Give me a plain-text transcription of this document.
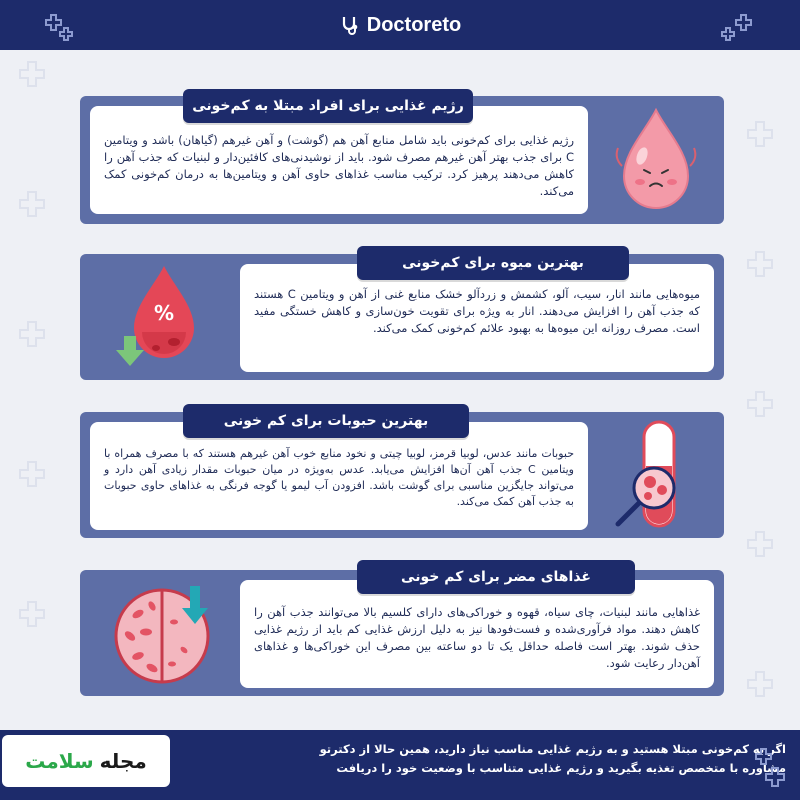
Doctoreto
رژیم غذایی برای کم‌خونی باید شامل منابع آهن هم (گوشت) و آهن غیرهم (گیاهان) باشد و ویتامین C برای جذب بهتر آهن غیرهم مصرف شود. باید از نوشیدنی‌های کافئین‌دار و لبنیات که جذب آهن را کاهش می‌دهند پرهیز کرد. ترکیب مناسب غذاهای حاوی آهن و ویتامین‌ها به درمان کم‌خونی کمک می‌کند.
رژیم غذایی برای افراد مبتلا به کم‌خونی
میوه‌هایی مانند انار، سیب، آلو، کشمش و زردآلو خشک منابع غنی از آهن و ویتامین C هستند که جذب آهن را افزایش می‌دهند. انار به ویژه برای تقویت خون‌سازی و کاهش خستگی مفید است. مصرف روزانه این میوه‌ها به بهبود علائم کم‌خونی کمک می‌کند.
بهترین میوه برای کم‌خونی
%
حبوبات مانند عدس، لوبیا قرمز، لوبیا چیتی و نخود منابع خوب آهن غیرهم هستند که با مصرف همراه با ویتامین C جذب آهن آن‌ها افزایش می‌یابد. عدس به‌ویژه در میان حبوبات مقدار زیادی آهن دارد و می‌تواند جایگزین مناسبی برای گوشت باشد. افزودن آب لیمو یا گوجه فرنگی به غذاهای حاوی حبوبات به جذب آهن کمک می‌کند.
بهترین حبوبات برای کم خونی
غذاهایی مانند لبنیات، چای سیاه، قهوه و خوراکی‌های دارای کلسیم بالا می‌توانند جذب آهن را کاهش دهند. مواد فرآوری‌شده و فست‌فودها نیز به دلیل ارزش غذایی کم باید از رژیم غذایی حذف شوند. بهتر است فاصله حداقل یک تا دو ساعته بین مصرف این خوراکی‌ها و غذاهای آهن‌دار رعایت شود.
غذاهای مضر برای کم خونی
اگر به کم‌خونی مبتلا هستید و به رژیم غذایی مناسب نیاز دارید، همین حالا از دکترتو
مشاوره با متخصص تغذیه بگیرید و رژیم غذایی متناسب با وضعیت خود را دریافت
مجله
سلامت
